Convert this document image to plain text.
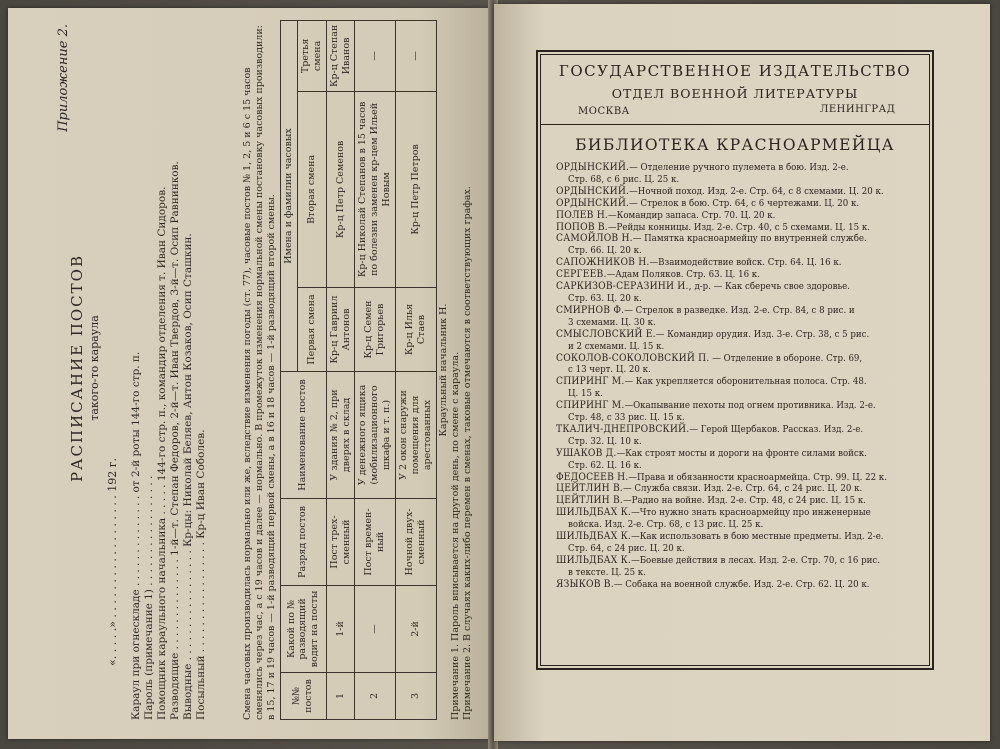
Приложение 2.
РАСПИСАНИЕ ПОСТОВ такого-то караула
«. . . . .» . . . . . . . . . . . . . . . . . . 192 г. Караул при огнескладе . . . . . . . . . . . . . . от 2-й роты 144-го стр. п. Пароль (примечание 1) . . . . . . . . . . . . . . . . . Помощник караульного начальника . . . . . 144-го стр. п., командир отделения т. Иван Сидоров. Разводящие . . . . . . . . . . . . . . 1-й—т. Степан Федоров, 2-й—т. Иван Твердов, 3-й—т. Осип Равнинков. Выводные . . . . . . . . . . . . . . . . . Кр-цы: Николай Беляев, Антон Козаков, Осип Сташкин. Посыльный . . . . . . . . . . . . . . . . . Кр-ц Иван Соболев.	Смена часовых производилась нормально или же, вследствие изменения погоды (ст. 77), часовые постов № 1, 2, 5 и 6 с 15 часов сменялись через час, а с 19 часов и далее — нормально. В промежуток изменения нормальной смены постановку часовых производили: в 15, 17 и 19 часов — 1-й разводящий первой смены, а в 16 и 18 часов — 1-й разводящий второй смены. №№ постов	Какой по № разводящий водит на посты	Разряд постов	Наименование постов	Имена и фамилии часовых		
				Первая смена	Вторая смена	Третья смена
1	1-й	Пост трех-сменный	У здания № 2, при дверях в склад	Кр-ц Гавриил Антонов	Кр-ц Петр Семенов	Кр-ц Степан Иванов
2	—	Пост времен-ный	У денежного ящика (мобилизационного шкафа и т. п.)	Кр-ц Семен Григорьев	Кр-ц Николай Степанов в 15 часов по болезни заменен кр-цем Ильей Новым	—
3	2-й	Ночной двух-сменный	У 2 окон снаружи помещения для арестованных	Кр-ц Илья Стаев	Кр-ц Петр Петров	—
Караульный начальник Н. Примечание 1. Пароль вписывается на другой день, по смене с караула. Примечание 2. В случаях каких-либо перемен в сменах, таковые отмечаются в соответствующих графах.
ГОСУДАРСТВЕННОЕ ИЗДАТЕЛЬСТВО
ОТДЕЛ ВОЕННОЙ ЛИТЕРАТУРЫ
МОСКВА	ЛЕНИНГРАД
БИБЛИОТЕКА КРАСНОАРМЕЙЦА
ОРДЫНСКИЙ.— Отделение ручного пулемета в бою. Изд. 2-е.
Стр. 68, с 6 рис. Ц. 25 к.
ОРДЫНСКИЙ.—Ночной поход. Изд. 2-е. Стр. 64, с 8 схемами. Ц. 20 к.
ОРДЫНСКИЙ.— Стрелок в бою. Стр. 64, с 6 чертежами. Ц. 20 к.
ПОЛЕВ Н.—Командир запаса. Стр. 70. Ц. 20 к.
ПОПОВ В.—Рейды конницы. Изд. 2-е. Стр. 40, с 5 схемами. Ц. 15 к.
САМОЙЛОВ Н.— Памятка красноармейцу по внутренней службе.
Стр. 66. Ц. 20 к.
САПОЖНИКОВ Н.—Взаимодействие войск. Стр. 64. Ц. 16 к.
СЕРГЕЕВ.—Адам Поляков. Стр. 63. Ц. 16 к.
САРКИЗОВ-СЕРАЗИНИ И., д-р. — Как сберечь свое здоровье.
Стр. 63. Ц. 20 к.
СМИРНОВ Ф.— Стрелок в разведке. Изд. 2-е. Стр. 84, с 8 рис. и
3 схемами. Ц. 30 к.
СМЫСЛОВСКИЙ Е.— Командир орудия. Изд. 3-е. Стр. 38, с 5 рис.
и 2 схемами. Ц. 15 к.
СОКОЛОВ-СОКОЛОВСКИЙ П. — Отделение в обороне. Стр. 69,
с 13 черт. Ц. 20 к.
СПИРИНГ М.— Как укрепляется оборонительная полоса. Стр. 48.
Ц. 15 к.
СПИРИНГ М.—Окапывание пехоты под огнем противника. Изд. 2-е.
Стр. 48, с 33 рис. Ц. 15 к.
ТКАЛИЧ-ДНЕПРОВСКИЙ.— Герой Щербаков. Рассказ. Изд. 2-е.
Стр. 32. Ц. 10 к.
УШАКОВ Д.—Как строят мосты и дороги на фронте силами войск.
Стр. 62. Ц. 16 к.
ФЕДОСЕЕВ Н.—Права и обязанности красноармейца. Стр. 99. Ц. 22 к.
ЦЕЙТЛИН В.— Служба связи. Изд. 2-е. Стр. 64, с 24 рис. Ц. 20 к.
ЦЕЙТЛИН В.—Радио на войне. Изд. 2-е. Стр. 48, с 24 рис. Ц. 15 к.
ШИЛЬДБАХ К.—Что нужно знать красноармейцу про инженерные
войска. Изд. 2-е. Стр. 68, с 13 рис. Ц. 25 к.
ШИЛЬДБАХ К.—Как использовать в бою местные предметы. Изд. 2-е.
Стр. 64, с 24 рис. Ц. 20 к.
ШИЛЬДБАХ К.—Боевые действия в лесах. Изд. 2-е. Стр. 70, с 16 рис.
в тексте. Ц. 25 к.
ЯЗЫКОВ В.— Собака на военной службе. Изд. 2-е. Стр. 62. Ц. 20 к.
